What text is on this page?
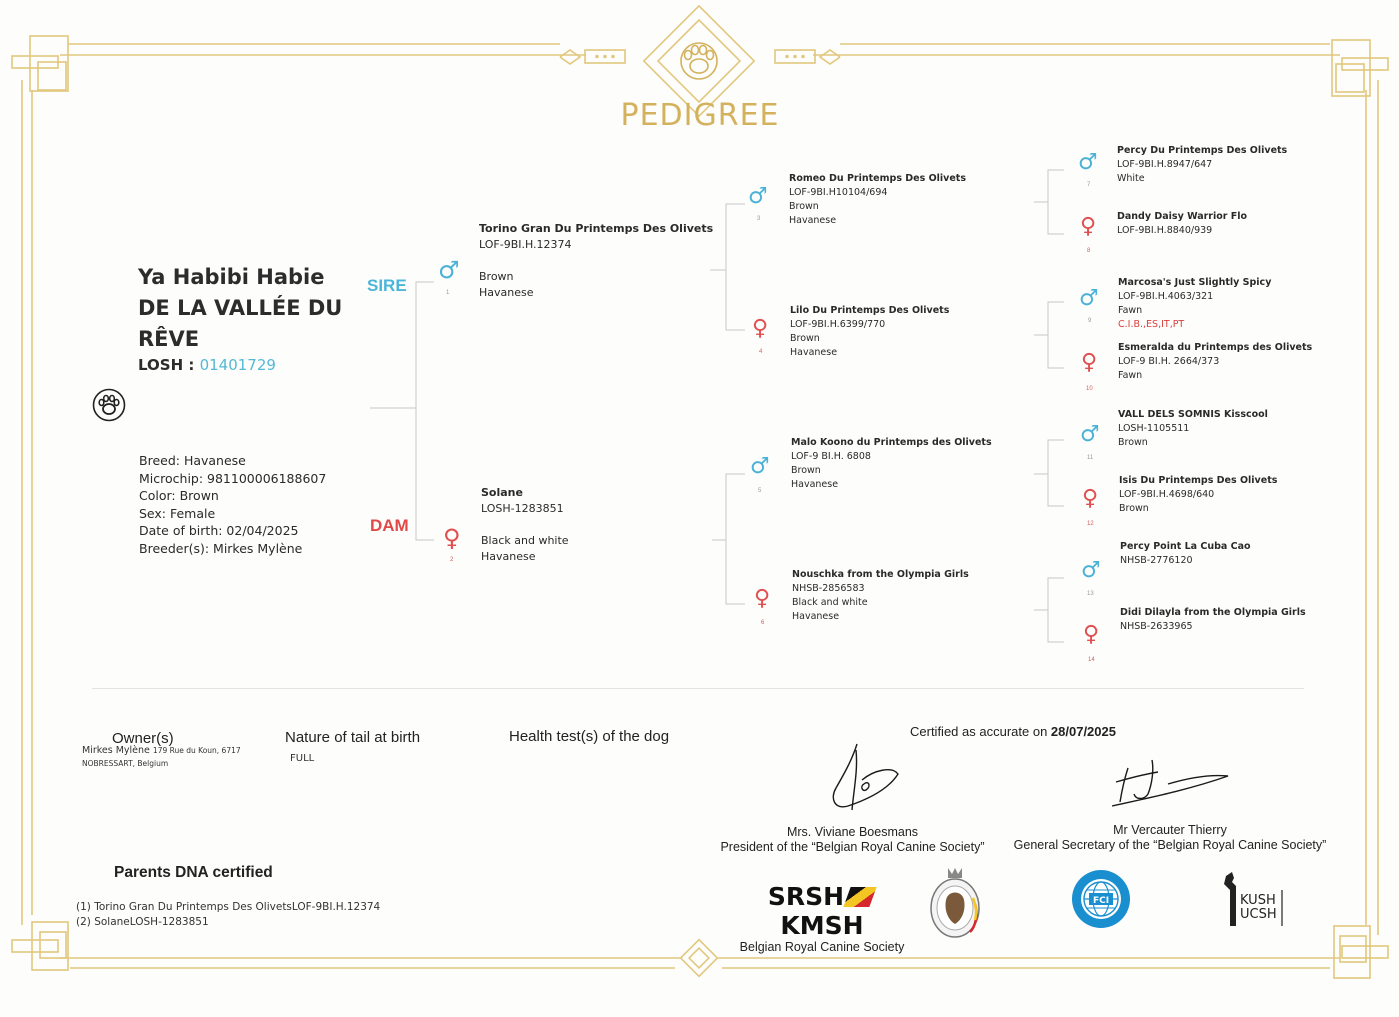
PEDIGREE
Ya Habibi Habie
DE LA VALLÉE DU
RÊVE
LOSH : 01401729
Breed: Havanese
Microchip: 981100006188607
Color: Brown
Sex: Female
Date of birth: 02/04/2025
Breeder(s): Mirkes Mylène
SIRE
DAM
♂
1
Torino Gran Du Printemps Des Olivets
LOF-9BI.H.12374
Brown
Havanese
♀
2
Solane
LOSH-1283851
Black and white
Havanese
♂
3
Romeo Du Printemps Des Olivets
LOF-9BI.H10104/694
Brown
Havanese
♀
4
Lilo Du Printemps Des Olivets
LOF-9BI.H.6399/770
Brown
Havanese
♂
5
Malo Koono du Printemps des Olivets
LOF-9 BI.H. 6808
Brown
Havanese
♀
6
Nouschka from the Olympia Girls
NHSB-2856583
Black and white
Havanese
♂
7
Percy Du Printemps Des Olivets
LOF-9BI.H.8947/647
White
♀
8
Dandy Daisy Warrior Flo
LOF-9BI.H.8840/939
♂
9
Marcosa's Just Slightly Spicy
LOF-9BI.H.4063/321
Fawn
C.I.B.,ES,IT,PT
♀
10
Esmeralda du Printemps des Olivets
LOF-9 BI.H. 2664/373
Fawn
♂
11
VALL DELS SOMNIS Kisscool
LOSH-1105511
Brown
♀
12
Isis Du Printemps Des Olivets
LOF-9BI.H.4698/640
Brown
♂
13
Percy Point La Cuba Cao
NHSB-2776120
♀
14
Didi Dilayla from the Olympia Girls
NHSB-2633965
Owner(s)
Mirkes Mylène 179 Rue du Koun, 6717
NOBRESSART, Belgium
Nature of tail at birth
FULL
Health test(s) of the dog	Certified as accurate on 28/07/2025
Mrs. Viviane Boesmans
President of the “Belgian Royal Canine Society”
Mr Vercauter Thierry
General Secretary of the “Belgian Royal Canine Society”
Parents DNA certified
(1) Torino Gran Du Printemps Des OlivetsLOF-9BI.H.12374
(2) SolaneLOSH-1283851
SRSHKMSH
Belgian Royal Canine Society
FCI	KUSH
UCSH
